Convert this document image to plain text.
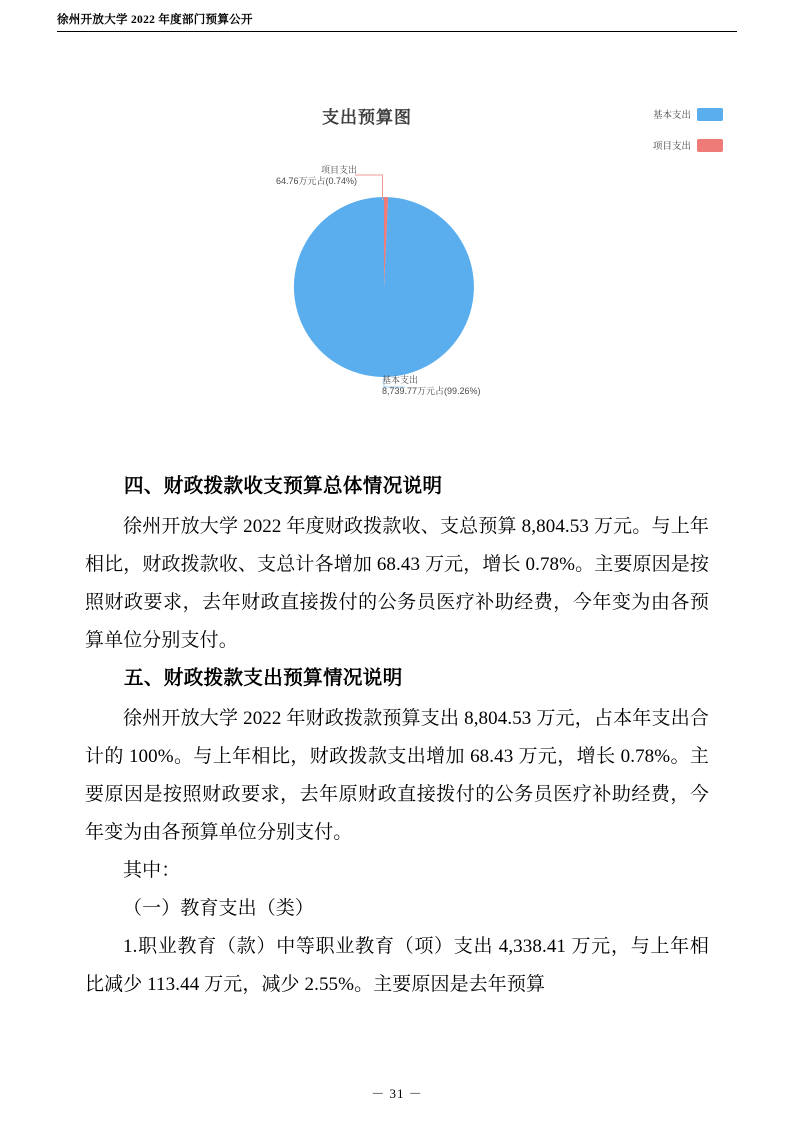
徐州开放大学 2022 年度部门预算公开
支出预算图	基本支出
项目支出
项目支出
64.76万元占(0.74%)
基本支出
8,739.77万元占(99.26%)
四、财政拨款收支预算总体情况说明

徐州开放大学 2022 年度财政拨款收、支总预算 8,804.53 万元。与上年相比，财政拨款收、支总计各增加 68.43 万元，增长 0.78%。主要原因是按照财政要求，去年财政直接拨付的公务员医疗补助经费，今年变为由各预算单位分别支付。

五、财政拨款支出预算情况说明

徐州开放大学 2022 年财政拨款预算支出 8,804.53 万元，占本年支出合计的 100%。与上年相比，财政拨款支出增加 68.43 万元，增长 0.78%。主要原因是按照财政要求，去年原财政直接拨付的公务员医疗补助经费，今年变为由各预算单位分别支付。

其中：

（一）教育支出（类）

1.职业教育（款）中等职业教育（项）支出 4,338.41 万元，与上年相比减少 113.44 万元，减少 2.55%。主要原因是去年预算

－ 31 －
